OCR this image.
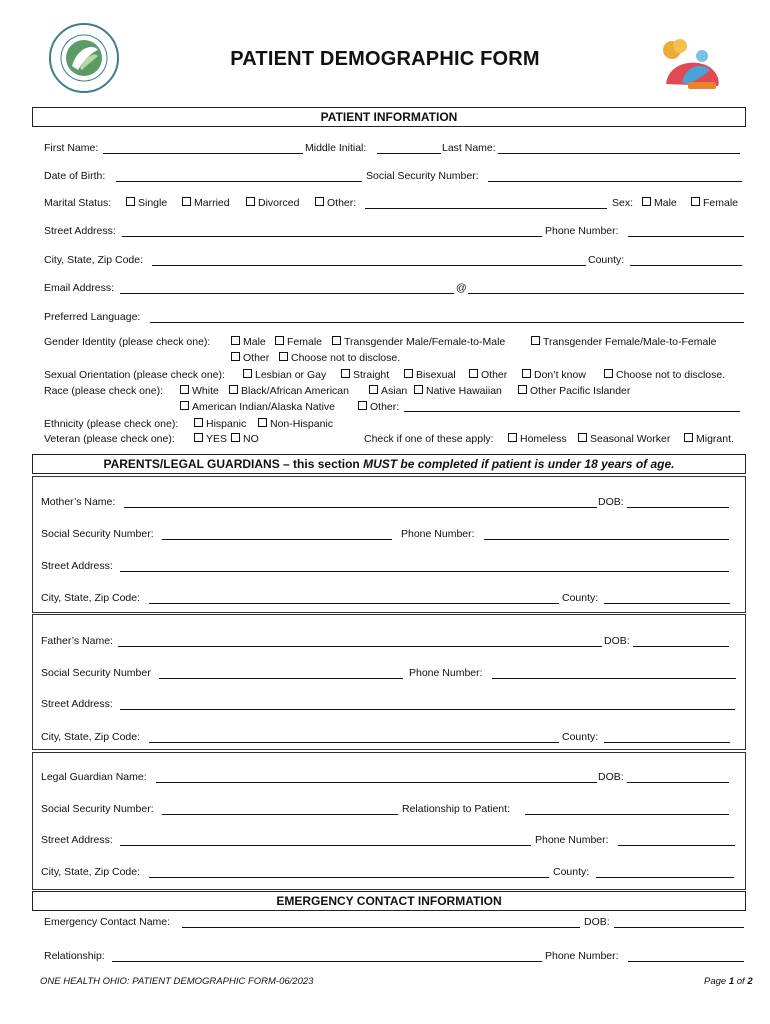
PATIENT DEMOGRAPHIC FORM
PATIENT INFORMATION
First Name:	Middle Initial:	Last Name:
Date of Birth:	Social Security Number:
Marital Status:	Single	Married	Divorced	Other:	Sex:	Male	Female
Street Address:	Phone Number:
City, State, Zip Code:	County:
Email Address:	@
Preferred Language:
Gender Identity (please check one):	Male	Female	Transgender Male/Female-to-Male	Transgender Female/Male-to-Female
Other	Choose not to disclose.
Sexual Orientation (please check one):	Lesbian or Gay	Straight	Bisexual	Other	Don’t know	Choose not to disclose.
Race (please check one):	White	Black/African American	Asian	Native Hawaiian	Other Pacific Islander
American Indian/Alaska Native	Other:
Ethnicity (please check one):	Hispanic	Non-Hispanic
Veteran (please check one):	YES	NO	Check if one of these apply:	Homeless	Seasonal Worker	Migrant.
PARENTS/LEGAL GUARDIANS – this section MUST be completed if patient is under 18 years of age.
Mother’s Name:	DOB:
Social Security Number:	Phone Number:
Street Address:
City, State, Zip Code:	County:
Father’s Name:	DOB:
Social Security Number	Phone Number:
Street Address:
City, State, Zip Code:	County:
Legal Guardian Name:	DOB:
Social Security Number:	Relationship to Patient:
Street Address:	Phone Number:
City, State, Zip Code:	County:
EMERGENCY CONTACT INFORMATION
Emergency Contact Name:	DOB:
Relationship:	Phone Number:
ONE HEALTH OHIO: PATIENT DEMOGRAPHIC FORM-06/2023	Page 1 of 2
